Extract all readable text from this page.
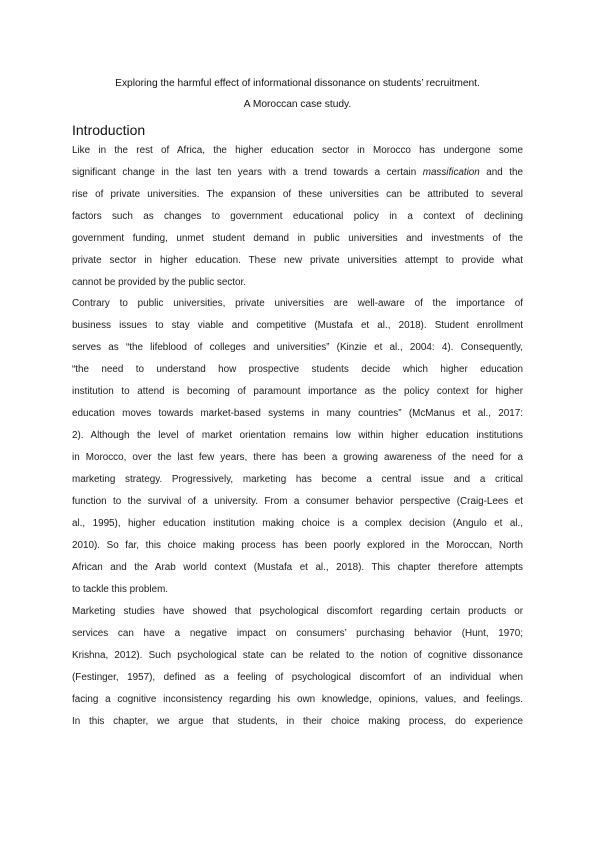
Exploring the harmful effect of informational dissonance on students’ recruitment.

A Moroccan case study.

Introduction
Like in the rest of Africa, the higher education sector in Morocco has undergone some
significant change in the last ten years with a trend towards a certain massification and the
rise of private universities. The expansion of these universities can be attributed to several
factors such as changes to government educational policy in a context of declining
government funding, unmet student demand in public universities and investments of the
private sector in higher education. These new private universities attempt to provide what
cannot be provided by the public sector.
Contrary to public universities, private universities are well-aware of the importance of
business issues to stay viable and competitive (Mustafa et al., 2018). Student enrollment
serves as “the lifeblood of colleges and universities” (Kinzie et al., 2004: 4). Consequently,
“the need to understand how prospective students decide which higher education
institution to attend is becoming of paramount importance as the policy context for higher
education moves towards market-based systems in many countries” (McManus et al., 2017:
2). Although the level of market orientation remains low within higher education institutions
in Morocco, over the last few years, there has been a growing awareness of the need for a
marketing strategy. Progressively, marketing has become a central issue and a critical
function to the survival of a university. From a consumer behavior perspective (Craig-Lees et
al., 1995), higher education institution making choice is a complex decision (Angulo et al.,
2010). So far, this choice making process has been poorly explored in the Moroccan, North
African and the Arab world context (Mustafa et al., 2018). This chapter therefore attempts
to tackle this problem.
Marketing studies have showed that psychological discomfort regarding certain products or
services can have a negative impact on consumers’ purchasing behavior (Hunt, 1970;
Krishna, 2012). Such psychological state can be related to the notion of cognitive dissonance
(Festinger, 1957), defined as a feeling of psychological discomfort of an individual when
facing a cognitive inconsistency regarding his own knowledge, opinions, values, and feelings.
In this chapter, we argue that students, in their choice making process, do experience
